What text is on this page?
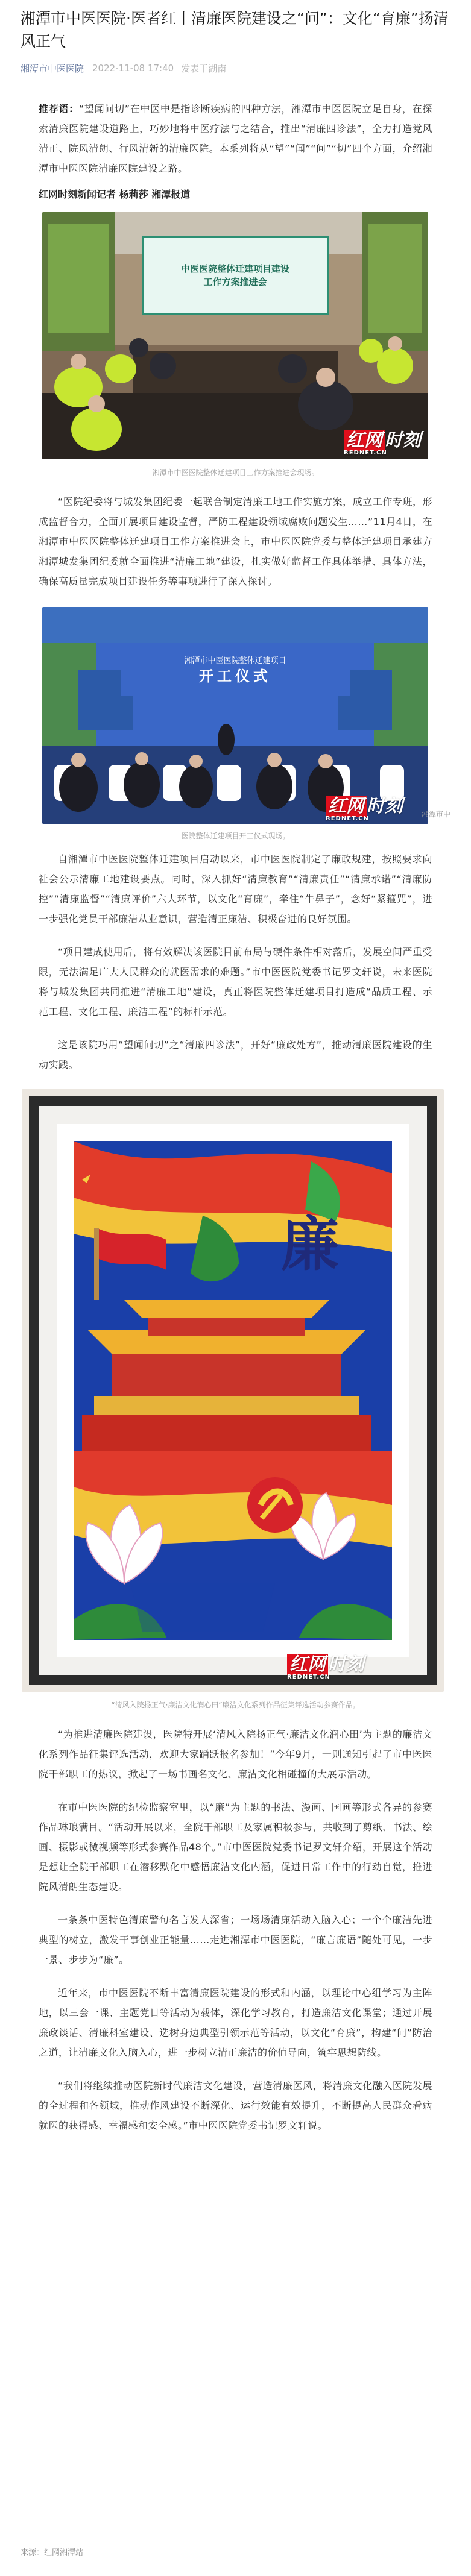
湘潭市中医医院·医者红丨清廉医院建设之“问”：文化“育廉”扬清风正气
湘潭市中医医院 2022-11-08 17:40 发表于湖南

推荐语：“望闻问切”在中医中是指诊断疾病的四种方法，湘潭市中医医院立足自身，在探索清廉医院建设道路上，巧妙地将中医疗法与之结合，推出“清廉四诊法”，全力打造党风清正、院风清朗、行风清新的清廉医院。本系列将从“望”“闻”“问”“切”四个方面，介绍湘潭市中医医院清廉医院建设之路。

红网时刻新闻记者 杨莉莎 湘潭报道

中医医院整体迁建项目建设
工作方案推进会
红网 时刻
REDNET.CN

湘潭市中医医院整体迁建项目工作方案推进会现场。

“医院纪委将与城发集团纪委一起联合制定清廉工地工作实施方案，成立工作专班，形成监督合力，全面开展项目建设监督，严防工程建设领域腐败问题发生……”11月4日，在湘潭市中医医院整体迁建项目工作方案推进会上，市中医医院党委与整体迁建项目承建方湘潭城发集团纪委就全面推进“清廉工地”建设，扎实做好监督工作具体举措、具体方法，确保高质量完成项目建设任务等事项进行了深入探讨。

湘潭市中医医院整体迁建项目
开工仪式
红网 时刻
REDNET.CN

医院整体迁建项目开工仪式现场。

湘潭市中

自湘潭市中医医院整体迁建项目启动以来，市中医医院制定了廉政规建，按照要求向社会公示清廉工地建设要点。同时，深入抓好“清廉教育”“清廉责任”“清廉承诺”“清廉防控”“清廉监督”“清廉评价”六大环节，以文化“育廉”，牵住“牛鼻子”，念好“紧箍咒”，进一步强化党员干部廉洁从业意识，营造清正廉洁、积极奋进的良好氛围。

“项目建成使用后，将有效解决该医院目前布局与硬件条件相对落后，发展空间严重受限，无法满足广大人民群众的就医需求的难题。”市中医医院党委书记罗文轩说，未来医院将与城发集团共同推进“清廉工地”建设，真正将医院整体迁建项目打造成“品质工程、示范工程、文化工程、廉洁工程”的标杆示范。

这是该院巧用“望闻问切”之“清廉四诊法”，开好“廉政处方”，推动清廉医院建设的生动实践。

红网 时刻
REDNET.CN
廉

“清风入院扬正气·廉洁文化润心田”廉洁文化系列作品征集评选活动参赛作品。

“为推进清廉医院建设，医院特开展‘清风入院扬正气·廉洁文化润心田’为主题的廉洁文化系列作品征集评选活动，欢迎大家踊跃报名参加！”今年9月，一则通知引起了市中医医院干部职工的热议，掀起了一场书画名文化、廉洁文化相碰撞的大展示活动。

在市中医医院的纪检监察室里，以“廉”为主题的书法、漫画、国画等形式各异的参赛作品琳琅满目。“活动开展以来，全院干部职工及家属积极参与，共收到了剪纸、书法、绘画、摄影或微视频等形式参赛作品48个。”市中医医院党委书记罗文轩介绍，开展这个活动是想让全院干部职工在潜移默化中感悟廉洁文化内涵，促进日常工作中的行动自觉，推进院风清朗生态建设。

一条条中医特色清廉警句名言发人深省；一场场清廉活动入脑入心；一个个廉洁先进典型的树立，激发干事创业正能量……走进湘潭市中医医院，“廉言廉语”随处可见，一步一景、步步为“廉”。

近年来，市中医医院不断丰富清廉医院建设的形式和内涵，以理论中心组学习为主阵地，以三会一课、主题党日等活动为载体，深化学习教育，打造廉洁文化课堂；通过开展廉政谈话、清廉科室建设、选树身边典型引领示范等活动，以文化“育廉”，构建“问”防治之道，让清廉文化入脑入心，进一步树立清正廉洁的价值导向，筑牢思想防线。

“我们将继续推动医院新时代廉洁文化建设，营造清廉医风，将清廉文化融入医院发展的全过程和各领域，推动作风建设不断深化、运行效能有效提升，不断提高人民群众看病就医的获得感、幸福感和安全感。”市中医医院党委书记罗文轩说。

来源：红网湘潭站
